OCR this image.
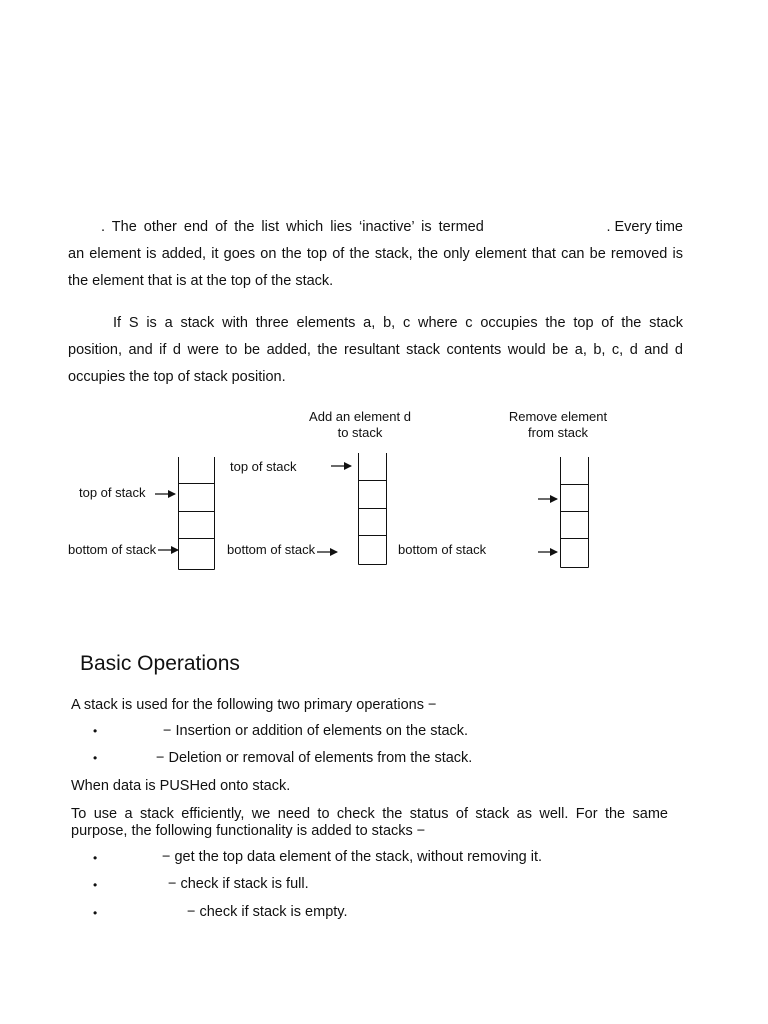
. The other end of the list which lies ‘inactive’ is termed	. Every time
an element is added, it goes on the top of the stack, the only element that can be removed is
the element that is at the top of the stack.
If S is a stack with three elements a, b, c where c occupies the top of the stack
position, and if d were to be added, the resultant stack contents would be a, b, c, d and d
occupies the top of stack position.
Add an element d
to stack
Remove element
from stack
top of stack
bottom of stack
top of stack
bottom of stack	bottom of stack
Basic Operations
A stack is used for the following two primary operations −
•	− Insertion or addition of elements on the stack.
•	− Deletion or removal of elements from the stack.
When data is PUSHed onto stack.
To use a stack efficiently, we need to check the status of stack as well. For the same
purpose, the following functionality is added to stacks −
•	− get the top data element of the stack, without removing it.
•	− check if stack is full.
•	− check if stack is empty.
